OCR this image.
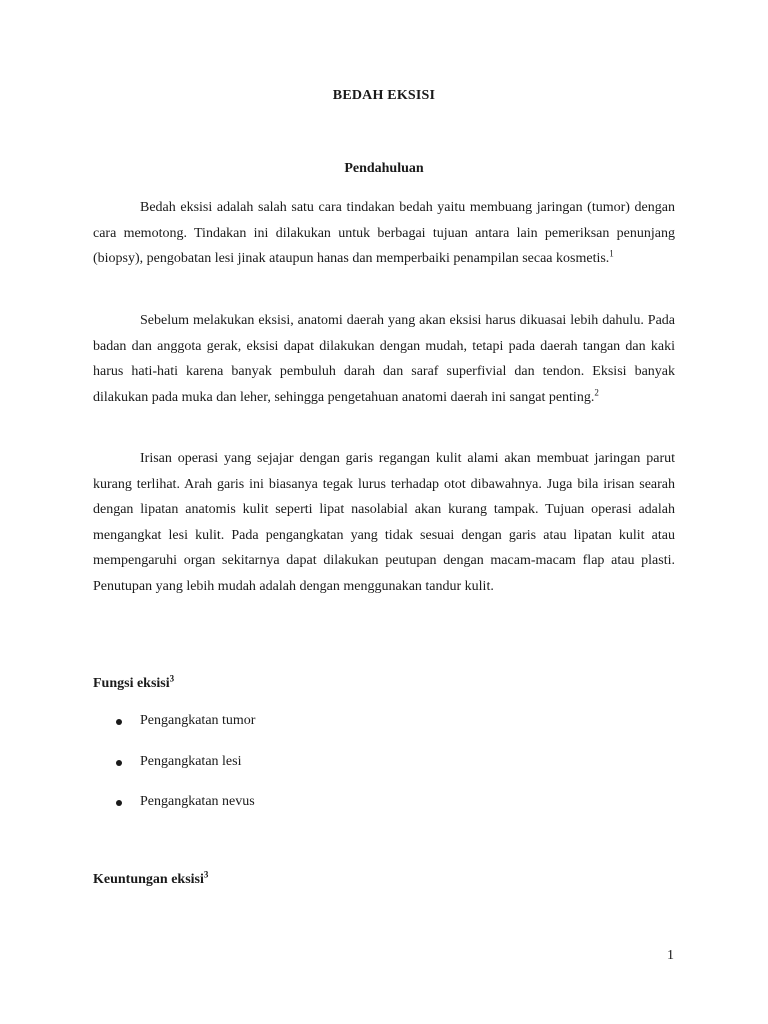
BEDAH EKSISI
Pendahuluan

Bedah eksisi adalah salah satu cara tindakan bedah yaitu membuang jaringan (tumor) dengan cara memotong. Tindakan ini dilakukan untuk berbagai tujuan antara lain pemeriksan penunjang (biopsy), pengobatan lesi jinak ataupun hanas dan memperbaiki penampilan secaa kosmetis.$^1$

Sebelum melakukan eksisi, anatomi daerah yang akan eksisi harus dikuasai lebih dahulu. Pada badan dan anggota gerak, eksisi dapat dilakukan dengan mudah, tetapi pada daerah tangan dan kaki harus hati-hati karena banyak pembuluh darah dan saraf superfivial dan tendon. Eksisi banyak dilakukan pada muka dan leher, sehingga pengetahuan anatomi daerah ini sangat penting.$^2$

Irisan operasi yang sejajar dengan garis regangan kulit alami akan membuat jaringan parut kurang terlihat. Arah garis ini biasanya tegak lurus terhadap otot dibawahnya. Juga bila irisan searah dengan lipatan anatomis kulit seperti lipat nasolabial akan kurang tampak. Tujuan operasi adalah mengangkat lesi kulit. Pada pengangkatan yang tidak sesuai dengan garis atau lipatan kulit atau mempengaruhi organ sekitarnya dapat dilakukan peutupan dengan macam-macam flap atau plasti. Penutupan yang lebih mudah adalah dengan menggunakan tandur kulit.

Fungsi eksisi$^3$
Pengangkatan tumor
Pengangkatan lesi
Pengangkatan nevus
Keuntungan eksisi$^3$
1
